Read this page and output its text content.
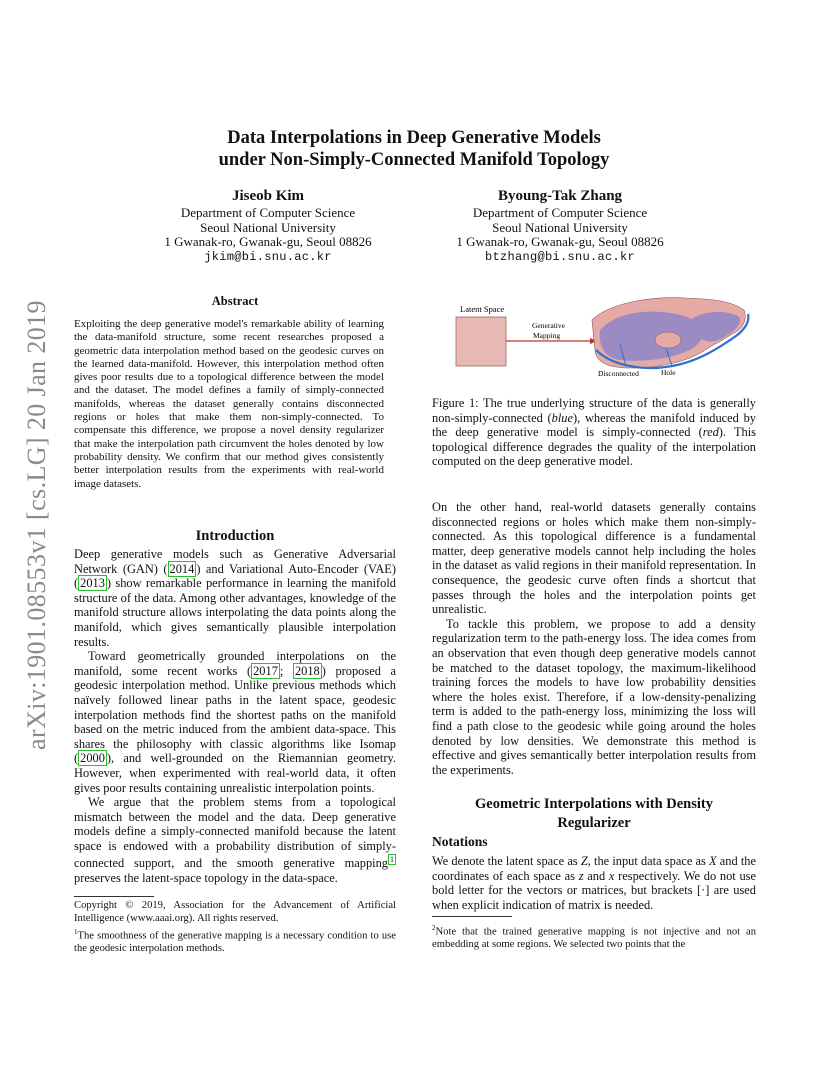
arXiv:1901.08553v1 [cs.LG] 20 Jan 2019
Data Interpolations in Deep Generative Models
under Non-Simply-Connected Manifold Topology
Jiseob Kim
Department of Computer Science
Seoul National University
1 Gwanak-ro, Gwanak-gu, Seoul 08826
jkim@bi.snu.ac.kr
Byoung-Tak Zhang
Department of Computer Science
Seoul National University
1 Gwanak-ro, Gwanak-gu, Seoul 08826
btzhang@bi.snu.ac.kr
Abstract
Exploiting the deep generative model's remarkable ability of learning the data-manifold structure, some recent researches proposed a geometric data interpolation method based on the geodesic curves on the learned data-manifold. However, this interpolation method often gives poor results due to a topological difference between the model and the dataset. The model defines a family of simply-connected manifolds, whereas the dataset generally contains disconnected regions or holes that make them non-simply-connected. To compensate this difference, we propose a novel density regularizer that make the interpolation path circumvent the holes denoted by low probability density. We confirm that our method gives consistently better interpolation results from the experiments with real-world image datasets.
Introduction

Deep generative models such as Generative Adversarial Network (GAN) ( 2014 ) and Variational Auto-Encoder (VAE) ( 2013 ) show remarkable performance in learning the manifold structure of the data. Among other advantages, knowledge of the manifold structure allows interpolating the data points along the manifold, which gives semantically plausible interpolation results.

Toward geometrically grounded interpolations on the manifold, some recent works ( 2017 ; 2018 ) proposed a geodesic interpolation method. Unlike previous methods which naïvely followed linear paths in the latent space, geodesic interpolation methods find the shortest paths on the manifold based on the metric induced from the ambient data-space. This shares the philosophy with classic algorithms like Isomap ( 2000 ), and well-grounded on the Riemannian geometry. However, when experimented with real-world data, it often gives poor results containing unrealistic interpolation points.

We argue that the problem stems from a topological mismatch between the model and the data. Deep generative models define a simply-connected manifold because the latent space is endowed with a probability distribution of simply-connected support, and the smooth generative mapping $^1$ preserves the latent-space topology in the data-space.

Copyright © 2019, Association for the Advancement of Artificial Intelligence (www.aaai.org). All rights reserved.
$^1$The smoothness of the generative mapping is a necessary condition to use the geodesic interpolation methods.
Latent Space
Generative
Mapping
Disconnected	Hole
Figure 1: The true underlying structure of the data is generally non-simply-connected (blue), whereas the manifold induced by the deep generative model is simply-connected (red). This topological difference degrades the quality of the interpolation computed on the deep generative model.

On the other hand, real-world datasets generally contains disconnected regions or holes which make them non-simply-connected. As this topological difference is a fundamental matter, deep generative models cannot help including the holes in the dataset as valid regions in their manifold representation. In consequence, the geodesic curve often finds a shortcut that passes through the holes and the interpolation points get unrealistic.

To tackle this problem, we propose to add a density regularization term to the path-energy loss. The idea comes from an observation that even though deep generative models cannot be matched to the dataset topology, the maximum-likelihood training forces the models to have low probability densities where the holes exist. Therefore, if a low-density-penalizing term is added to the path-energy loss, minimizing the loss will find a path close to the geodesic while going around the holes denoted by low densities. We demonstrate this method is effective and gives semantically better interpolation results from the experiments.

Geometric Interpolations with Density
Regularizer
Notations
We denote the latent space as Z, the input data space as X and the coordinates of each space as z and x respectively. We do not use bold letter for the vectors or matrices, but brackets [·] are used when explicit indication of matrix is needed.
$^2$Note that the trained generative mapping is not injective and not an embedding at some regions. We selected two points that the
